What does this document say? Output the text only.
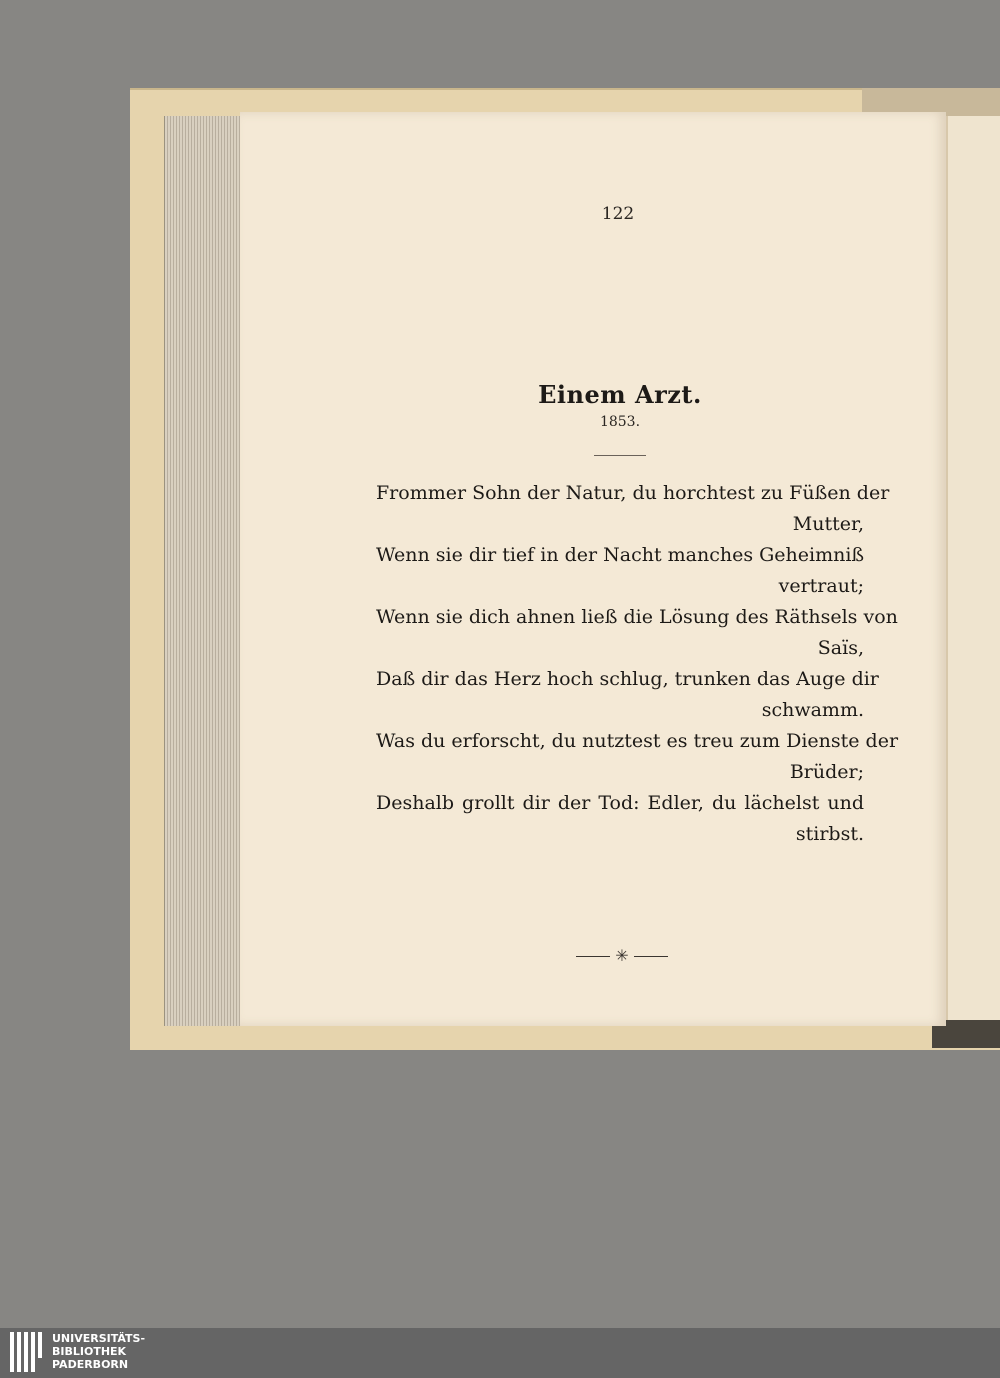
122
Einem Arzt.
1853.
Frommer Sohn der Natur, du horchtest zu Füßen der
Mutter,
Wenn sie dir tief in der Nacht manches Geheimniß
vertraut;
Wenn sie dich ahnen ließ die Lösung des Räthsels von
Saïs,
Daß dir das Herz hoch schlug, trunken das Auge dir
schwamm.
Was du erforscht, du nutztest es treu zum Dienste der
Brüder;
Deshalb grollt dir der Tod: Edler, du lächelst und
stirbst.
✳
UNIVERSITÄTS-
BIBLIOTHEK
PADERBORN
